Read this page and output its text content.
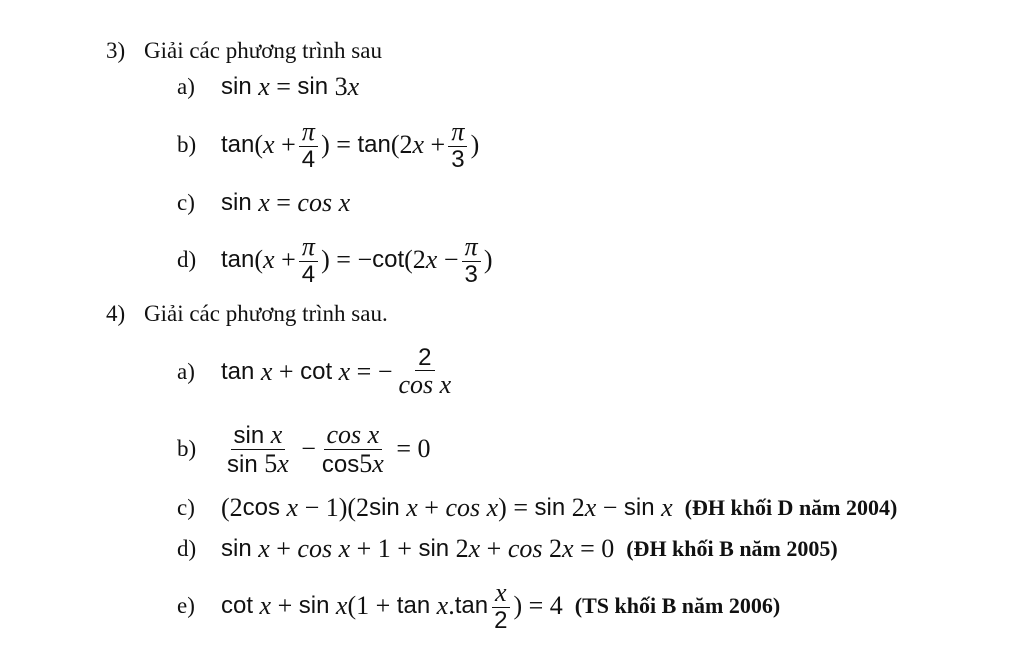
3) Giải các phương trình sau
a)	sin
x = sin 3 x
b)	tan ( $x + \frac{\pi}{4}$ ) = tan (2 $x + \frac{\pi}{3}$ )
c)	sin
x = cos x
d)	tan ( $x + \frac{\pi}{4}$ ) = − cot (2 $x - \frac{\pi}{3}$ )
4) Giải các phương trình sau.
a)	tan
x + cot
x = − $\frac{2}{\text{cos x}}$
b)	$\frac{\text{sin x}}{\sin 5x} - \frac{\text{cos x}}{\cos 5x} = 0$
c)	(2 cos
x − 1)(2 sin
x + cos x ) = sin 2 x − sin
x (ĐH khối D năm 2004)
d)	sin
x + cos x + 1 + sin 2 x + cos 2 x = 0 (ĐH khối B năm 2005)
e)	cot
x + sin
x (1 + tan
x . $\tan \frac{x}{2}$ ) = 4 (TS khối B năm 2006)
